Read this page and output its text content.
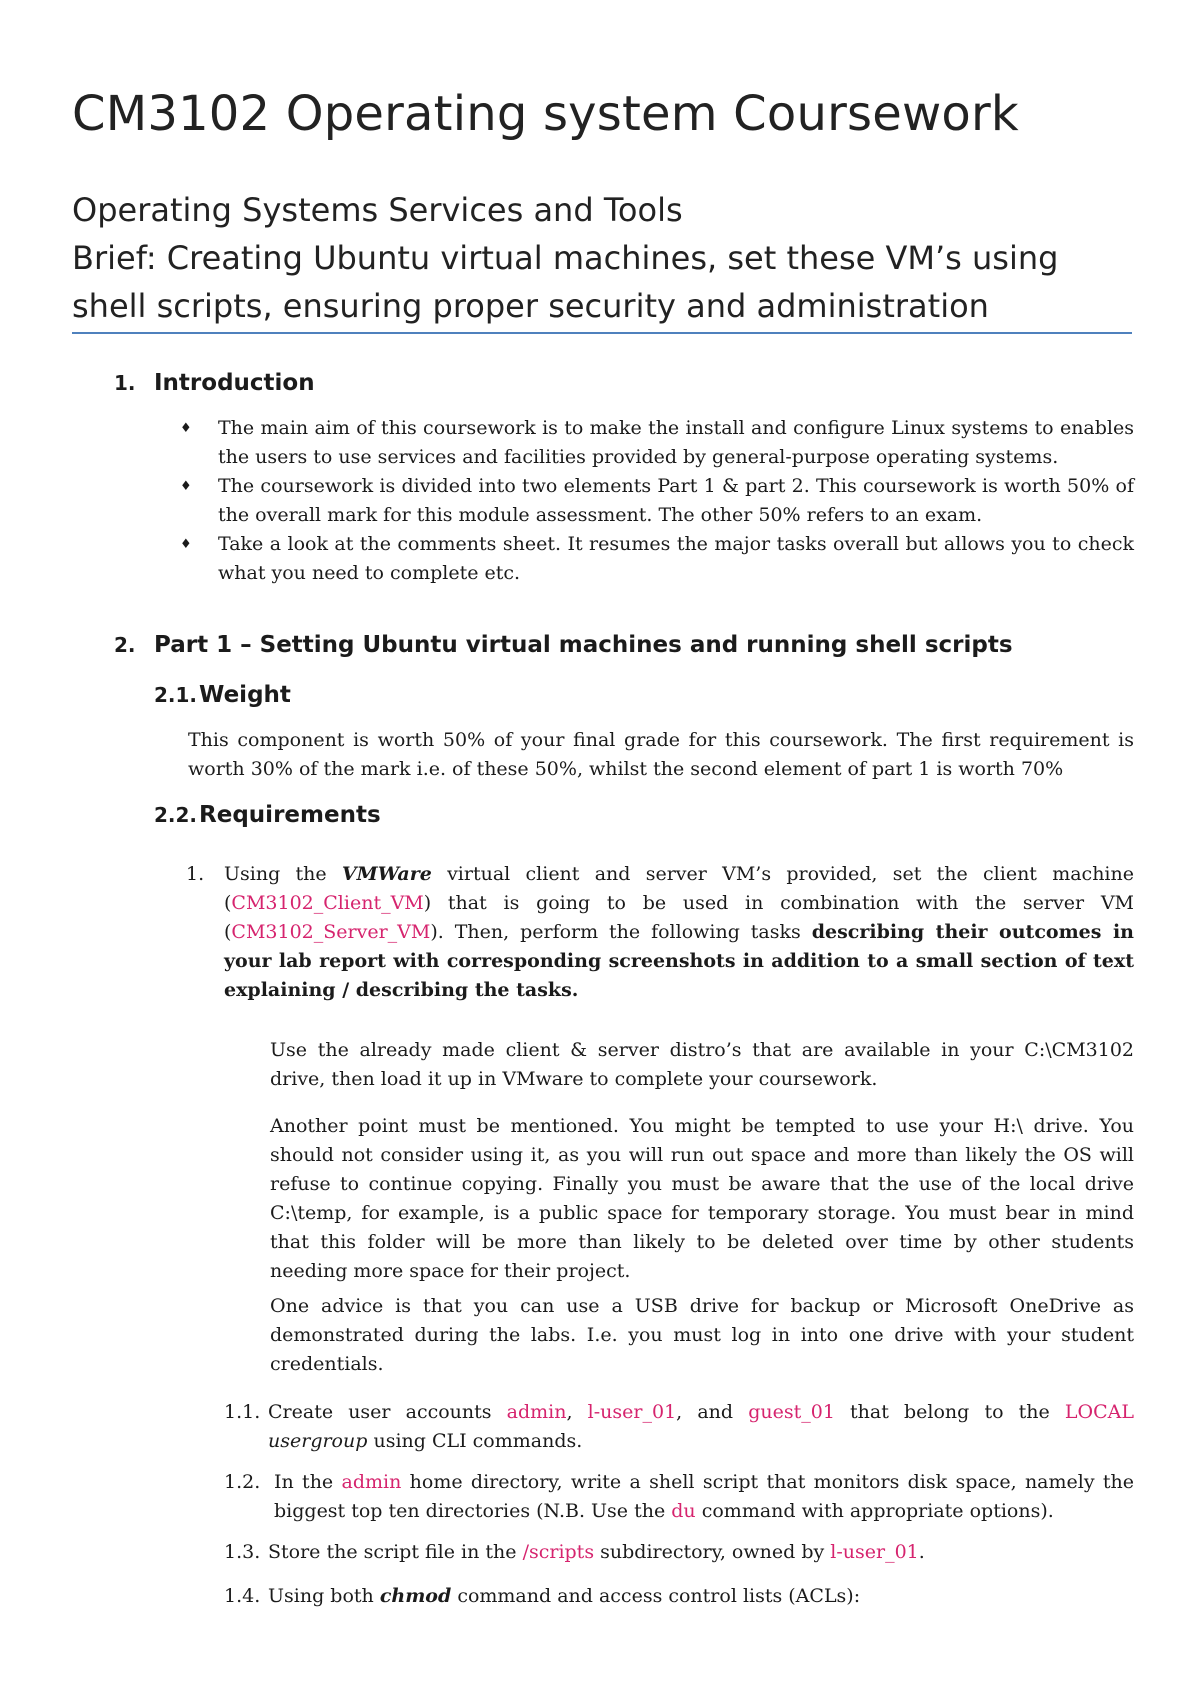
CM3102 Operating system Coursework
Operating Systems Services and Tools
Brief: Creating Ubuntu virtual machines, set these VM’s using
shell scripts, ensuring proper security and administration
1. Introduction
♦ The main aim of this coursework is to make the install and configure Linux systems to enables the users to use services and facilities provided by general-purpose operating systems.
♦ The coursework is divided into two elements Part 1 & part 2. This coursework is worth 50% of the overall mark for this module assessment. The other 50% refers to an exam.
♦ Take a look at the comments sheet. It resumes the major tasks overall but allows you to check what you need to complete etc.
2. Part 1 – Setting Ubuntu virtual machines and running shell scripts
2.1.Weight
This component is worth 50% of your final grade for this coursework. The first requirement is worth 30% of the mark i.e. of these 50%, whilst the second element of part 1 is worth 70%
2.2.Requirements
1. Using the VMWare virtual client and server VM’s provided, set the client machine (CM3102_Client_VM) that is going to be used in combination with the server VM (CM3102_Server_VM). Then, perform the following tasks describing their outcomes in your lab report with corresponding screenshots in addition to a small section of text explaining / describing the tasks.
Use the already made client & server distro’s that are available in your C:\CM3102 drive, then load it up in VMware to complete your coursework.
Another point must be mentioned. You might be tempted to use your H:\ drive. You should not consider using it, as you will run out space and more than likely the OS will refuse to continue copying. Finally you must be aware that the use of the local drive C:\temp, for example, is a public space for temporary storage. You must bear in mind that this folder will be more than likely to be deleted over time by other students needing more space for their project.
One advice is that you can use a USB drive for backup or Microsoft OneDrive as demonstrated during the labs. I.e. you must log in into one drive with your student credentials.
1.1. Create user accounts admin, l-user_01, and guest_01 that belong to the LOCAL usergroup using CLI commands.
1.2. In the admin home directory, write a shell script that monitors disk space, namely the biggest top ten directories (N.B. Use the du command with appropriate options).
1.3. Store the script file in the /scripts subdirectory, owned by l-user_01.
1.4. Using both chmod command and access control lists (ACLs):
